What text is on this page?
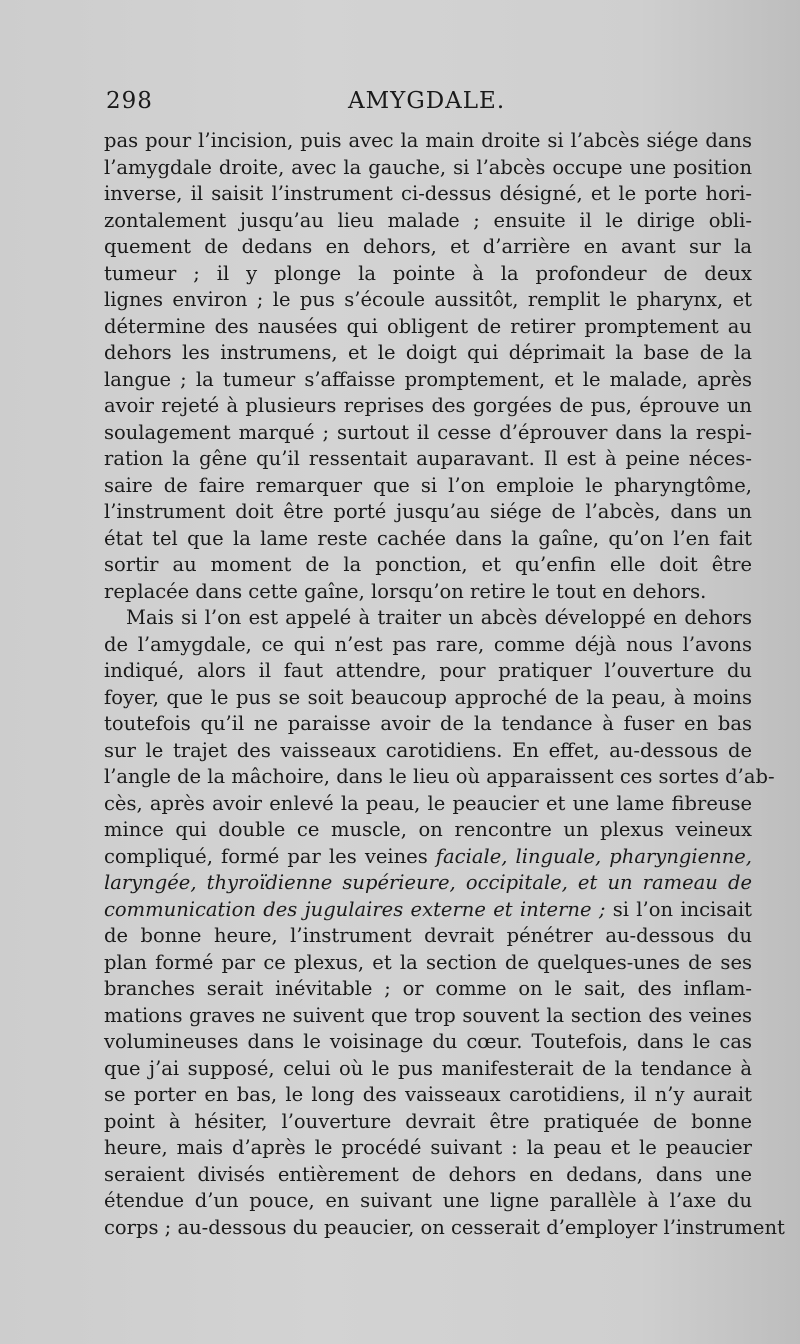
298	AMYGDALE.
pas pour l’incision, puis avec la main droite si l’abcès siége dans
l’amygdale droite, avec la gauche, si l’abcès occupe une position
inverse, il saisit l’instrument ci-dessus désigné, et le porte hori-
zontalement jusqu’au lieu malade ; ensuite il le dirige obli-
quement de dedans en dehors, et d’arrière en avant sur la
tumeur ; il y plonge la pointe à la profondeur de deux
lignes environ ; le pus s’écoule aussitôt, remplit le pharynx, et
détermine des nausées qui obligent de retirer promptement au
dehors les instrumens, et le doigt qui déprimait la base de la
langue ; la tumeur s’affaisse promptement, et le malade, après
avoir rejeté à plusieurs reprises des gorgées de pus, éprouve un
soulagement marqué ; surtout il cesse d’éprouver dans la respi-
ration la gêne qu’il ressentait auparavant. Il est à peine néces-
saire de faire remarquer que si l’on emploie le pharyngtôme,
l’instrument doit être porté jusqu’au siége de l’abcès, dans un
état tel que la lame reste cachée dans la gaîne, qu’on l’en fait
sortir au moment de la ponction, et qu’enfin elle doit être
replacée dans cette gaîne, lorsqu’on retire le tout en dehors.
Mais si l’on est appelé à traiter un abcès développé en dehors
de l’amygdale, ce qui n’est pas rare, comme déjà nous l’avons
indiqué, alors il faut attendre, pour pratiquer l’ouverture du
foyer, que le pus se soit beaucoup approché de la peau, à moins
toutefois qu’il ne paraisse avoir de la tendance à fuser en bas
sur le trajet des vaisseaux carotidiens. En effet, au-dessous de
l’angle de la mâchoire, dans le lieu où apparaissent ces sortes d’ab-
cès, après avoir enlevé la peau, le peaucier et une lame fibreuse
mince qui double ce muscle, on rencontre un plexus veineux
compliqué, formé par les veines faciale, linguale, pharyngienne,
laryngée, thyroïdienne supérieure, occipitale, et un rameau de
communication des jugulaires externe et interne ; si l’on incisait
de bonne heure, l’instrument devrait pénétrer au-dessous du
plan formé par ce plexus, et la section de quelques-unes de ses
branches serait inévitable ; or comme on le sait, des inflam-
mations graves ne suivent que trop souvent la section des veines
volumineuses dans le voisinage du cœur. Toutefois, dans le cas
que j’ai supposé, celui où le pus manifesterait de la tendance à
se porter en bas, le long des vaisseaux carotidiens, il n’y aurait
point à hésiter, l’ouverture devrait être pratiquée de bonne
heure, mais d’après le procédé suivant : la peau et le peaucier
seraient divisés entièrement de dehors en dedans, dans une
étendue d’un pouce, en suivant une ligne parallèle à l’axe du
corps ; au-dessous du peaucier, on cesserait d’employer l’instrument
